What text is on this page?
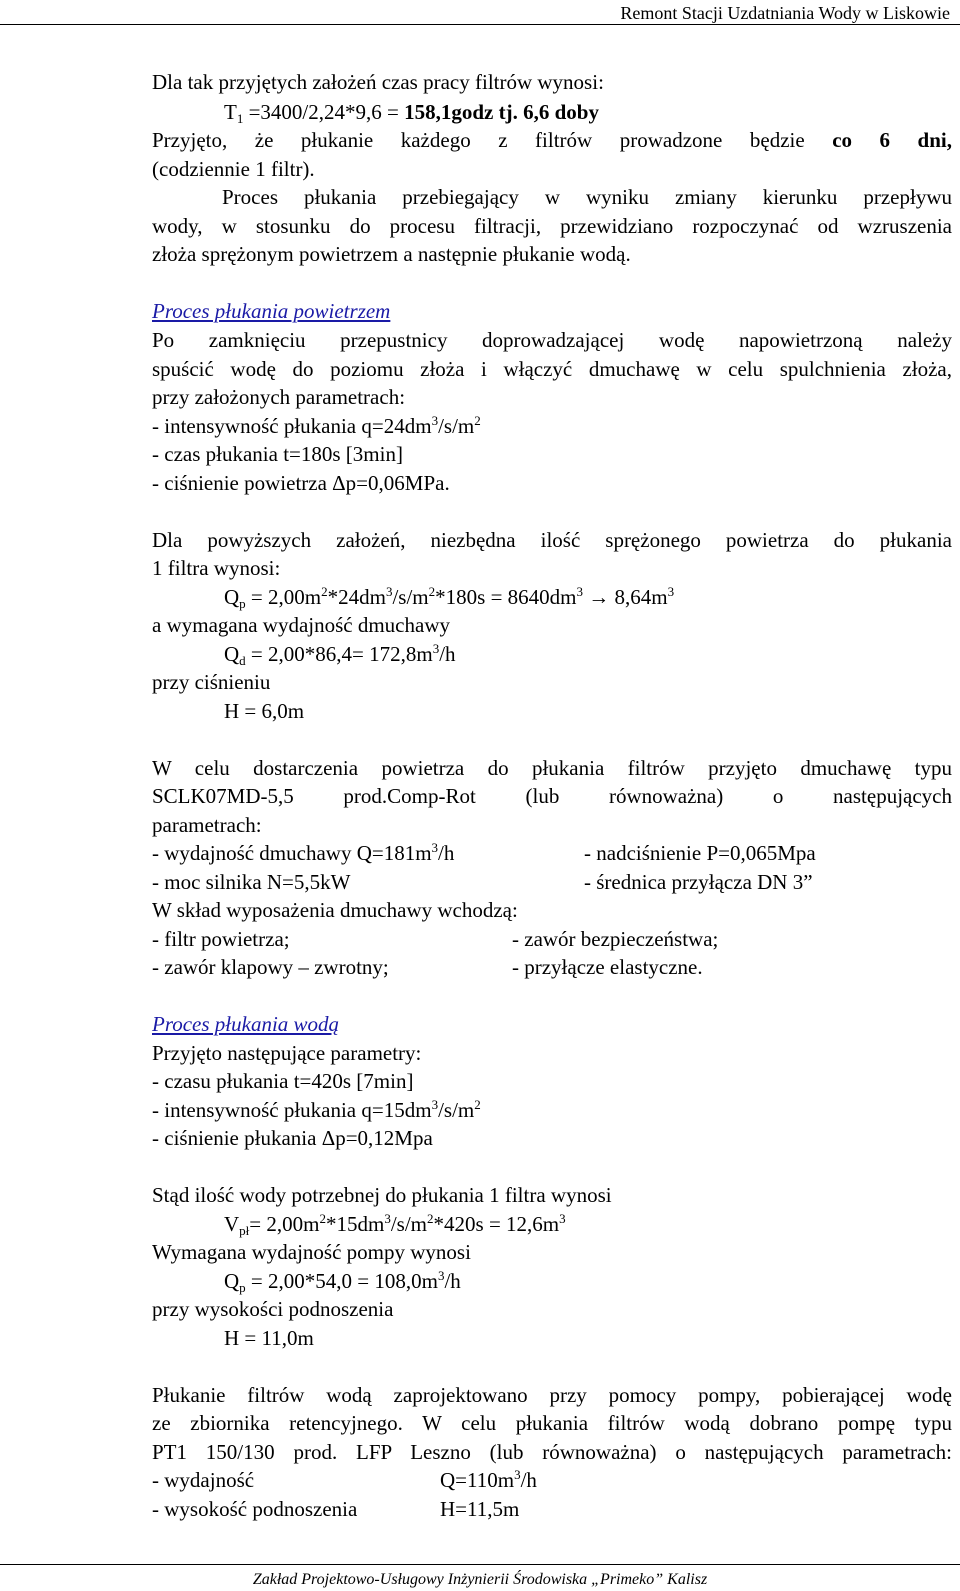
Remont Stacji Uzdatniania Wody w Liskowie
Dla tak przyjętych założeń czas pracy filtrów wynosi:
$T_1 =3400/2,24*9,6$ = 158,1godz tj. 6,6 doby
Przyjęto, że płukanie każdego z filtrów prowadzone będzie co 6 dni,
(codziennie 1 filtr).
Proces płukania przebiegający w wyniku zmiany kierunku przepływu
wody, w stosunku do procesu filtracji, przewidziano rozpoczynać od wzruszenia
złoża sprężonym powietrzem a następnie płukanie wodą.
Proces płukania powietrzem
Po zamknięciu przepustnicy doprowadzającej wodę napowietrzoną należy
spuścić wodę do poziomu złoża i włączyć dmuchawę w celu spulchnienia złoża,
przy założonych parametrach:
- intensywność płukania $q=24dm^3/s/m^2$
- czas płukania t=180s [3min]
- ciśnienie powietrza Δp=0,06MPa.
Dla powyższych założeń, niezbędna ilość sprężonego powietrza do płukania
1 filtra wynosi:
$Q_p = 2,00m^2*24dm^3/s/m^2*180s = 8640dm^3 \to 8,64m^3$
a wymagana wydajność dmuchawy
$Q_d = 2,00*86,4= 172,8m^3/h$
przy ciśnieniu
H = 6,0m
W celu dostarczenia powietrza do płukania filtrów przyjęto dmuchawę typu
SCLK07MD-5,5 prod.Comp-Rot (lub równoważna) o następujących
parametrach:
- wydajność dmuchawy $Q=181m^3/h$	- nadciśnienie P=0,065Mpa
- moc silnika N=5,5kW	- średnica przyłącza DN 3”
W skład wyposażenia dmuchawy wchodzą:
- filtr powietrza;	- zawór bezpieczeństwa;
- zawór klapowy – zwrotny;	- przyłącze elastyczne.
Proces płukania wodą
Przyjęto następujące parametry:
- czasu płukania t=420s [7min]
- intensywność płukania $q=15dm^3/s/m^2$
- ciśnienie płukania Δp=0,12Mpa
Stąd ilość wody potrzebnej do płukania 1 filtra wynosi
$V_{pł}= 2,00m^2*15dm^3/s/m^2*420s = 12,6m^3$
Wymagana wydajność pompy wynosi
$Q_p = 2,00*54,0 = 108,0m^3/h$
przy wysokości podnoszenia
H = 11,0m
Płukanie filtrów wodą zaprojektowano przy pomocy pompy, pobierającej wodę
ze zbiornika retencyjnego. W celu płukania filtrów wodą dobrano pompę typu
PT1 150/130 prod. LFP Leszno (lub równoważna) o następujących parametrach:
- wydajność	$Q=110m^3/h$
- wysokość podnoszenia	H=11,5m
Zakład Projektowo-Usługowy Inżynierii Środowiska „Primeko” Kalisz
